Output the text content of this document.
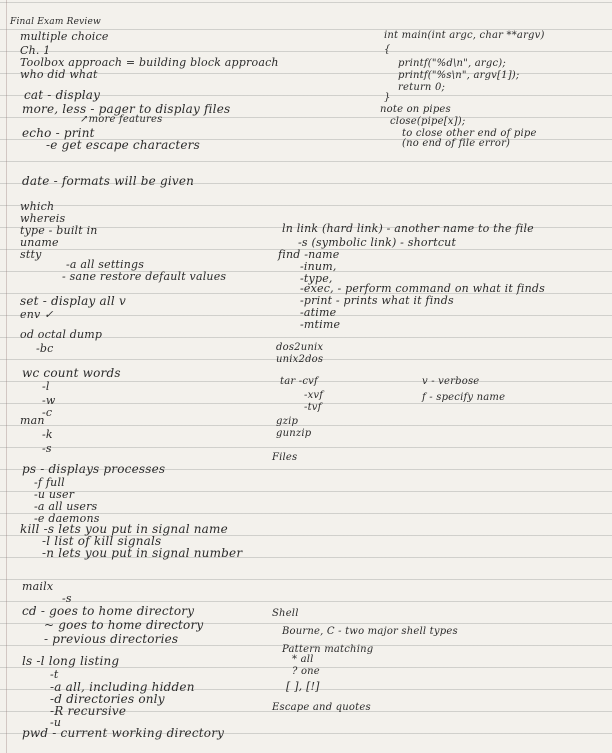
Final Exam Review
multiple choice
Ch. 1
Toolbox approach = building block approach
who did what
cat - display
more, less - pager to display files
↗more features
echo - print
-e get escape characters
date - formats will be given
which
whereis
type - built in
uname
stty
-a all settings
- sane restore default values
set - display all v
env ✓
od octal dump
-bc
wc count words
-l
-w
-c
man
-k
-s
ps - displays processes
-f full
-u user
-a all users
-e daemons
kill -s lets you put in signal name
-l list of kill signals
-n lets you put in signal number
mailx
-s
cd - goes to home directory
~ goes to home directory
- previous directories
ls -l long listing
-t
-a all, including hidden
-d directories only
-R recursive
-u
pwd - current working directory
int main(int argc, char **argv)
{
printf("%d\n", argc);
printf("%s\n", argv[1]);
return 0;
}
note on pipes
close(pipe[x]);
to close other end of pipe
(no end of file error)
ln link (hard link) - another name to the file
-s (symbolic link) - shortcut
find -name
-inum,
-type,
-exec, - perform command on what it finds
-print - prints what it finds
-atime
-mtime
dos2unix
unix2dos
tar -cvf
-xvf
-tvf
v - verbose
f - specify name
gzip
gunzip
Files
Shell
Bourne, C - two major shell types
Pattern matching
* all
? one
[ ], [!]
Escape and quotes
